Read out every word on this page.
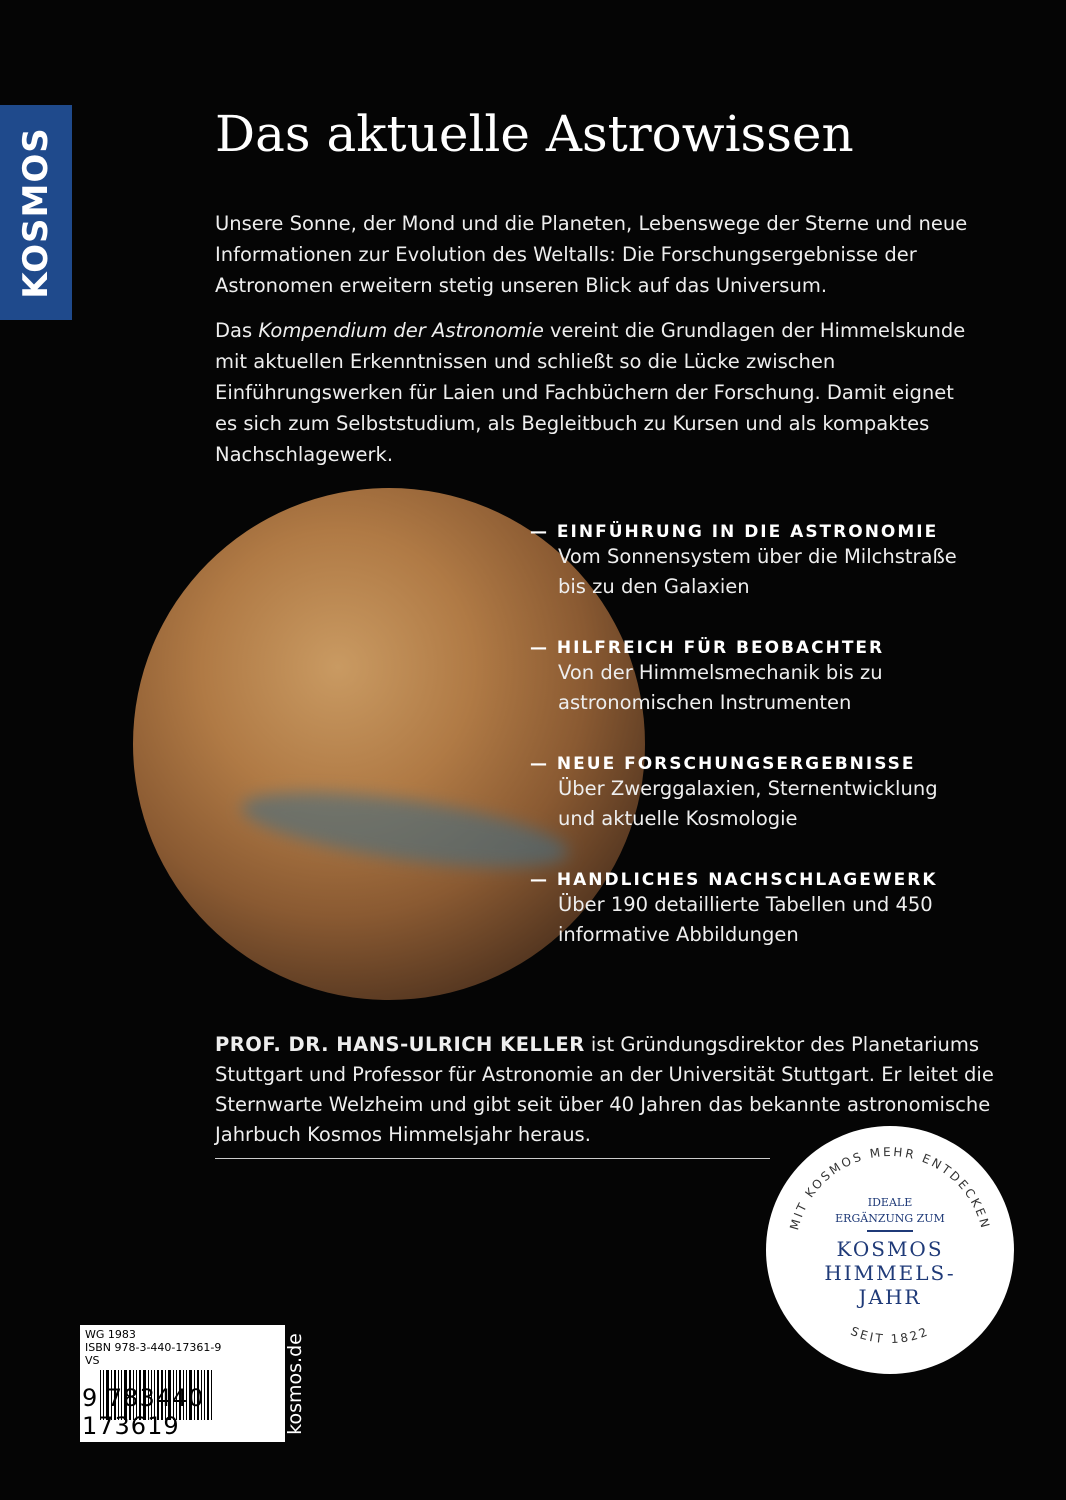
KOSMOS	Das aktuelle Astrowissen
Unsere Sonne, der Mond und die Planeten, Lebenswege der Sterne und neue Informationen zur Evolution des Weltalls: Die Forschungsergebnisse der Astronomen erweitern stetig unseren Blick auf das Universum.
Das Kompendium der Astronomie vereint die Grundlagen der Himmelskunde mit aktuellen Erkenntnissen und schließt so die Lücke zwischen Einführungswerken für Laien und Fachbüchern der Forschung. Damit eignet es sich zum Selbststudium, als Begleitbuch zu Kursen und als kompaktes Nachschlagewerk.
— EINFÜHRUNG IN DIE ASTRONOMIE
Vom Sonnensystem über die Milchstraße bis zu den Galaxien
— HILFREICH FÜR BEOBACHTER
Von der Himmelsmechanik bis zu astronomischen Instrumenten
— NEUE FORSCHUNGSERGEBNISSE
Über Zwerggalaxien, Sternentwicklung und aktuelle Kosmologie
— HANDLICHES NACHSCHLAGEWERK
Über 190 detaillierte Tabellen und 450 informative Abbildungen
PROF. DR. HANS-ULRICH KELLER ist Gründungsdirektor des Planetariums Stuttgart und Professor für Astronomie an der Universität Stuttgart. Er leitet die Sternwarte Welzheim und gibt seit über 40 Jahren das bekannte astronomische Jahrbuch Kosmos Himmelsjahr heraus.
MIT KOSMOS MEHR ENTDECKEN
SEIT 1822
IDEALE
ERGÄNZUNG ZUM
KOSMOS
HIMMELS-
JAHR
WG 1983
ISBN 978-3-440-17361-9
VS
9 783440 173619	kosmos.de
